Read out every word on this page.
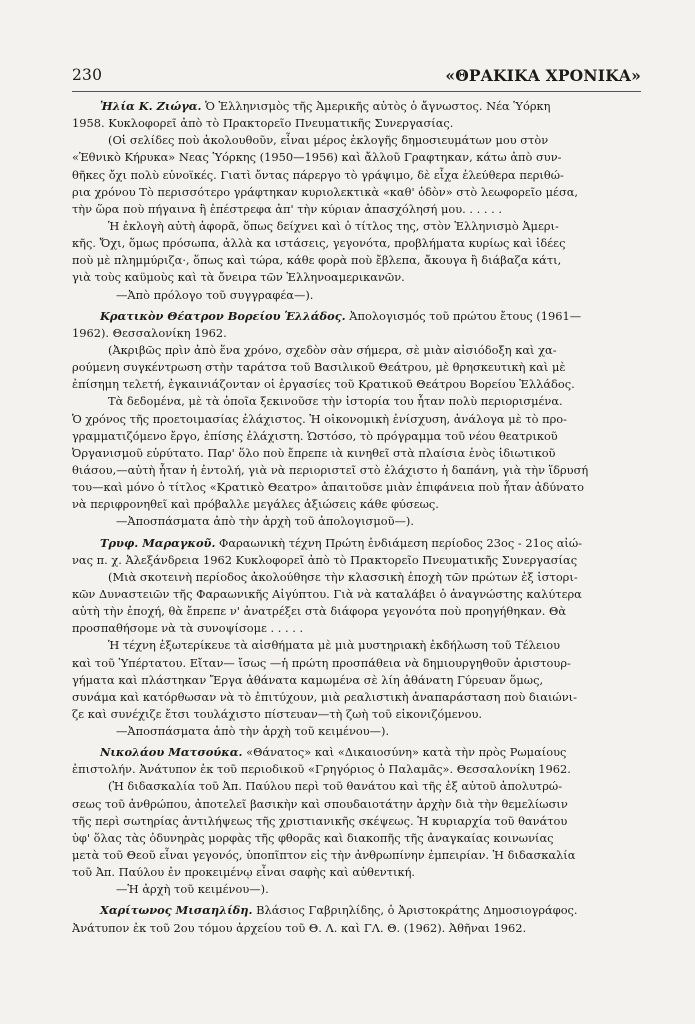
230	«ΘΡΑΚΙΚΑ ΧΡΟΝΙΚΑ»
Ἠλία Κ. Ζιώγα. Ὁ Ἑλληνισμὸς τῆς Ἀμερικῆς αὐτὸς ὁ ἄγνωστος. Νέα Ὑόρκη
1958. Κυκλοφορεῖ ἀπὸ τὸ Πρακτορεῖο Πνευματικῆς Συνεργασίας.
(Οἱ σελίδες ποὺ ἀκολουθοῦν, εἶναι μέρος ἐκλογῆς δημοσιευμάτων μου στὸν
«Ἐθνικὸ Κήρυκα» Νεας Ὑόρκης (1950—1956) καὶ ἄλλοῦ Γραφτηκαν, κάτω ἀπὸ συν-
θῆκες ὄχι πολὺ εὐνοϊκές. Γιατὶ ὄντας πάρεργο τὸ γράψιμο, δὲ εἶχα ἐλεύθερα περιθώ-
ρια χρόνου Τὸ περισσότερο γράφτηκαν κυριολεκτικὰ «καθ' ὁδὸν» στὸ λεωφορεῖο μέσα,
τὴν ὥρα ποὺ πήγαινα ἢ ἐπέστρεφα ἀπ' τὴν κύριαν ἀπασχόλησή μου. . . . . .
Ἡ ἐκλογὴ αὐτὴ ἀφορᾶ, ὅπως δείχνει καὶ ὁ τίτλος της, στὸν Ἑλληνισμὸ Ἀμερι-
κῆς. Ὄχι, ὅμως πρόσωπα, ἀλλὰ κα ιστάσεις, γεγονότα, προβλήματα κυρίως καὶ ἰδέες
ποὺ μὲ πλημμύριζα·, ὅπως καὶ τώρα, κάθε φορὰ ποὺ ἔβλεπα, ἄκουγα ἢ διάβαζα κάτι,
γιὰ τοὺς καϋμοὺς καὶ τὰ ὄνειρα τῶν Ἑλληνοαμερικανῶν.
—Ἀπὸ πρόλογο τοῦ συγγραφέα—).
Κρατικὸν Θέατρον Βορείου Ἑλλάδος. Ἀπολογισμός τοῦ πρώτου ἔτους (1961—
1962). Θεσσαλονίκη 1962.
(Ἀκριβῶς πρὶν ἀπὸ ἕνα χρόνο, σχεδὸν σὰν σήμερα, σὲ μιὰν αἰσιόδοξη καὶ χα-
ρούμενη συγκέντρωση στὴν ταράτσα τοῦ Βασιλικοῦ Θεάτρου, μὲ θρησκευτικὴ καὶ μὲ
ἐπίσημη τελετή, ἐγκαινιάζονταν οἱ ἐργασίες τοῦ Κρατικοῦ Θεάτρου Βορείου Ἑλλάδος.
Τὰ δεδομένα, μὲ τὰ ὁποῖα ξεκινοῦσε τὴν ἱστορία του ἦταν πολὺ περιορισμένα.
Ὁ χρόνος τῆς προετοιμασίας ἐλάχιστος. Ἡ οἰκονομικὴ ἐνίσχυση, ἀνάλογα μὲ τὸ προ-
γραμματιζόμενο ἔργο, ἐπίσης ἐλάχιστη. Ὡστόσο, τὸ πρόγραμμα τοῦ νέου θεατρικοῦ
Ὀργανισμοῦ εὐρύτατο. Παρ' ὅλο ποὺ ἔπρεπε ιὰ κινηθεῖ στὰ πλαίσια ἑνὸς ἰδιωτικοῦ
θιάσου,—αὐτὴ ἦταν ἡ ἐντολή, γιὰ νὰ περιοριστεῖ στὸ ἐλάχιστο ἡ δαπάνη, γιὰ τὴν ἵδρυσή
του—καὶ μόνο ὁ τίτλος «Κρατικὸ Θεατρο» ἀπαιτοῦσε μιὰν ἐπιφάνεια ποὺ ἦταν ἀδύνατο
νὰ περιφρονηθεῖ καὶ πρόβαλλε μεγάλες ἀξιώσεις κάθε φύσεως.
—Ἀποσπάσματα ἀπὸ τὴν ἀρχὴ τοῦ ἀπολογισμοῦ—).
Τρυφ. Μαραγκοῦ. Φαραωνικὴ τέχνη Πρώτη ἐνδιάμεση περίοδος 23ος - 21ος αἰώ-
νας π. χ. Ἀλεξάνδρεια 1962 Κυκλοφορεῖ ἀπὸ τὸ Πρακτορεῖο Πνευματικῆς Συνεργασίας
(Μιὰ σκοτεινὴ περίοδος ἀκολούθησε τὴν κλασσικὴ ἐποχὴ τῶν πρώτων ἐξ ἱστορι-
κῶν Δυναστειῶν τῆς Φαραωνικῆς Αἰγύπτου. Γιὰ νὰ καταλάβει ὁ ἀναγνώστης καλύτερα
αὐτὴ τὴν ἐποχή, θὰ ἔπρεπε ν' ἀνατρέξει στὰ διάφορα γεγονότα ποὺ προηγήθηκαν. Θὰ
προσπαθήσομε νὰ τὰ συνοψίσομε . . . . .
Ἡ τέχνη ἐξωτερίκευε τὰ αἰσθήματα μὲ μιὰ μυστηριακὴ ἐκδήλωση τοῦ Τέλειου
καὶ τοῦ Ὑπέρτατου. Εἴταν— ἴσως —ἡ πρώτη προσπάθεια νὰ δημιουργηθοῦν ἀριστουρ-
γήματα καὶ πλάστηκαν Ἔργα ἀθάνατα καμωμένα σὲ λίη ἀθάνατη Γύρευαν ὅμως,
συνάμα καὶ κατόρθωσαν νὰ τὸ ἐπιτύχουν, μιὰ ρεαλιστικὴ ἀναπαράσταση ποὺ διαιώνι-
ζε καὶ συνέχιζε ἔτσι τουλάχιστο πίστευαν—τὴ ζωὴ τοῦ εἰκονιζόμενου.
—Ἀποσπάσματα ἀπὸ τὴν ἀρχὴ τοῦ κειμένου—).
Νικολάου Ματσούκα. «Θάνατος» καὶ «Δικαιοσύνη» κατὰ τὴν πρὸς Ρωμαίους
ἐπιστολήν. Ἀνάτυπον ἐκ τοῦ περιοδικοῦ «Γρηγόριος ὁ Παλαμᾶς». Θεσσαλονίκη 1962.
(Ἡ διδασκαλία τοῦ Ἀπ. Παύλου περὶ τοῦ θανάτου καὶ τῆς ἐξ αὐτοῦ ἀπολυτρώ-
σεως τοῦ ἀνθρώπου, ἀποτελεῖ βασικὴν καὶ σπουδαιοτάτην ἀρχὴν διὰ τὴν θεμελίωσιν
τῆς περὶ σωτηρίας ἀντιλήψεως τῆς χριστιανικῆς σκέψεως. Ἡ κυριαρχία τοῦ θανάτου
ὑφ' ὅλας τὰς ὀδυνηρὰς μορφὰς τῆς φθορᾶς καὶ διακοπῆς τῆς ἀναγκαίας κοινωνίας
μετὰ τοῦ Θεοῦ εἶναι γεγονός, ὑποπῖπτον εἰς τὴν ἀνθρωπίνην ἐμπειρίαν. Ἡ διδασκαλία
τοῦ Ἀπ. Παύλου ἐν προκειμένῳ εἶναι σαφὴς καὶ αὐθεντική.
—Ἡ ἀρχὴ τοῦ κειμένου—).
Χαρίτωνος Μισαηλίδη. Βλάσιος Γαβριηλίδης, ὁ Ἀριστοκράτης Δημοσιογράφος.
Ἀνάτυπον ἐκ τοῦ 2ου τόμου ἀρχείου τοῦ Θ. Λ. καὶ ΓΛ. Θ. (1962). Ἀθῆναι 1962.
